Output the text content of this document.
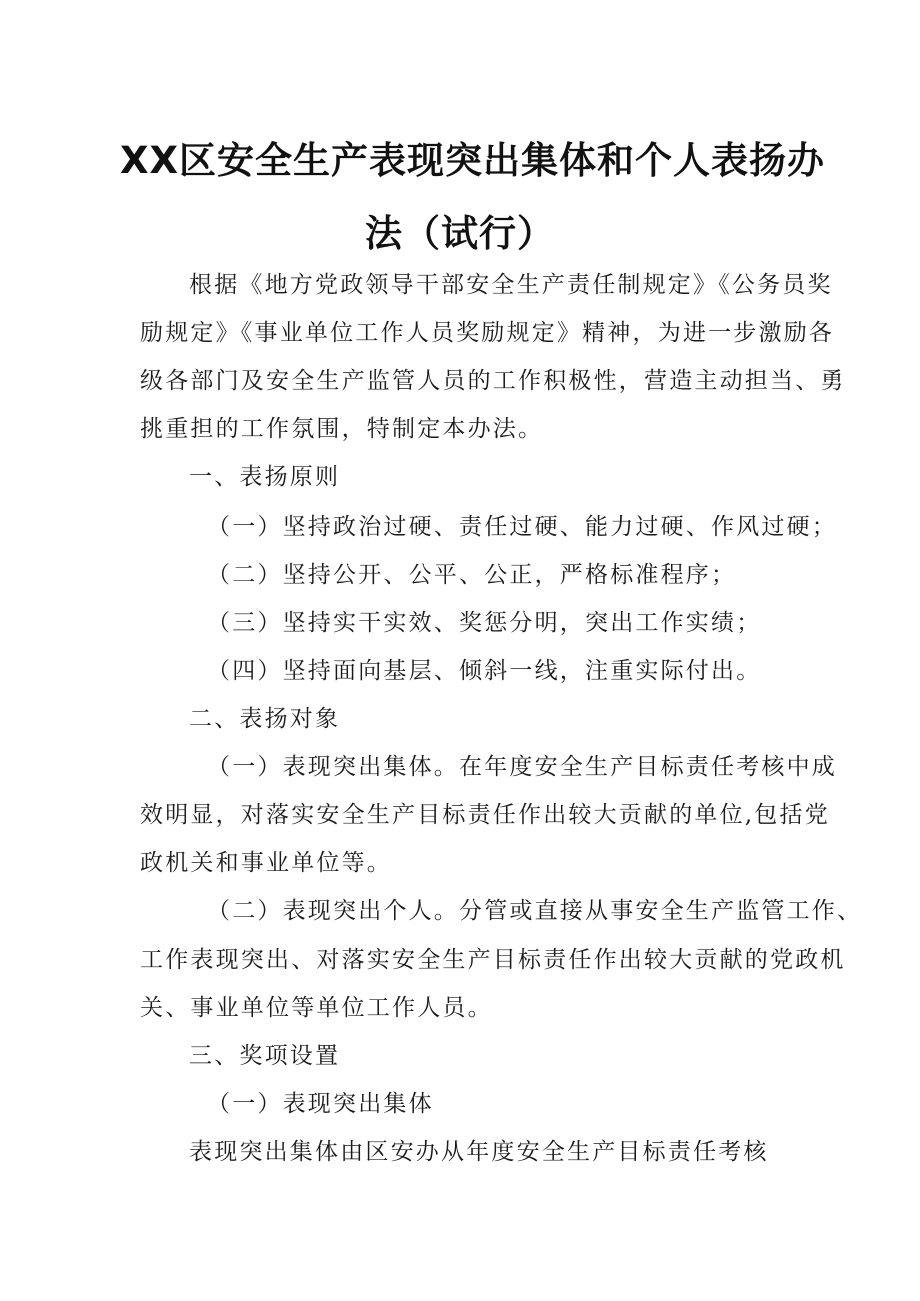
XX区安全生产表现突出集体和个人表扬办
法（试行）
根据《地方党政领导干部安全生产责任制规定》《公务员奖
励规定》《事业单位工作人员奖励规定》精神，为进一步激励各
级各部门及安全生产监管人员的工作积极性，营造主动担当、勇
挑重担的工作氛围，特制定本办法。
一、表扬原则
（一）坚持政治过硬、责任过硬、能力过硬、作风过硬；
（二）坚持公开、公平、公正，严格标准程序；
（三）坚持实干实效、奖惩分明，突出工作实绩；
（四）坚持面向基层、倾斜一线，注重实际付出。
二、表扬对象
（一）表现突出集体。在年度安全生产目标责任考核中成
效明显，对落实安全生产目标责任作出较大贡献的单位,包括党
政机关和事业单位等。
（二）表现突出个人。分管或直接从事安全生产监管工作、
工作表现突出、对落实安全生产目标责任作出较大贡献的党政机
关、事业单位等单位工作人员。
三、奖项设置
（一）表现突出集体
表现突出集体由区安办从年度安全生产目标责任考核
